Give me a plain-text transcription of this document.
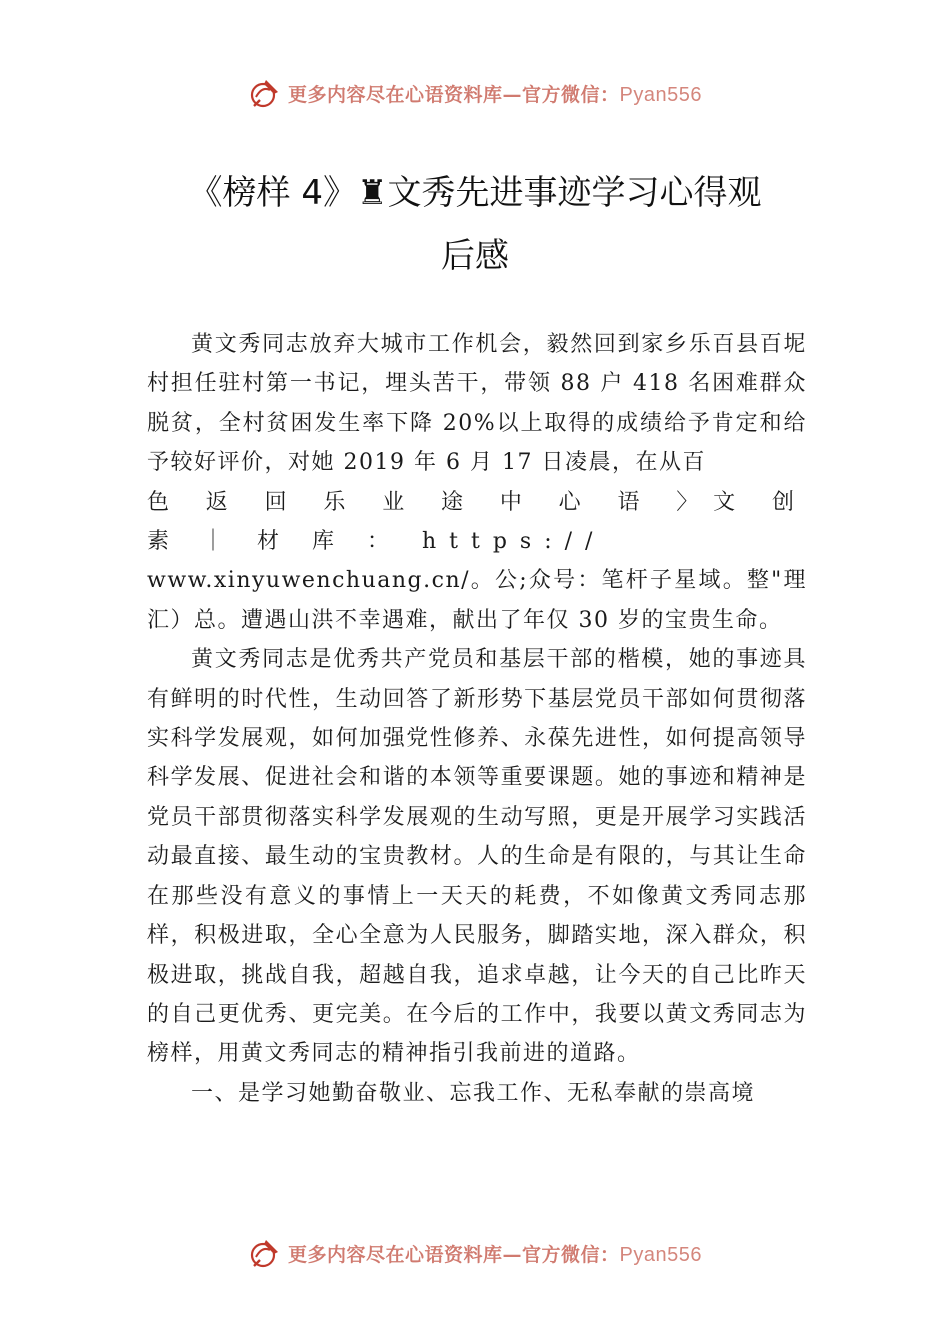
更多内容尽在心语资料库—官方微信：Pyan556
《榜样 4》♜文秀先进事迹学习心得观
后感

黄文秀同志放弃大城市工作机会，毅然回到家乡乐百县百坭村担任驻村第一书记，埋头苦干，带领 88 户 418 名困难群众脱贫，全村贫困发生率下降 20%以上取得的成绩给予肯定和给予较好评价，对她 2019 年 6 月 17 日凌晨，在从百

色 返 回 乐 业 途 中 心 语 〉文 创 素 ｜ 材 库 ： https://

www.xinyuwenchuang.cn/。公;众号：笔杆子星域。整"理汇）总。遭遇山洪不幸遇难，献出了年仅 30 岁的宝贵生命。

黄文秀同志是优秀共产党员和基层干部的楷模，她的事迹具有鲜明的时代性，生动回答了新形势下基层党员干部如何贯彻落实科学发展观，如何加强党性修养、永葆先进性，如何提高领导科学发展、促进社会和谐的本领等重要课题。她的事迹和精神是党员干部贯彻落实科学发展观的生动写照，更是开展学习实践活动最直接、最生动的宝贵教材。人的生命是有限的，与其让生命在那些没有意义的事情上一天天的耗费，不如像黄文秀同志那样，积极进取，全心全意为人民服务，脚踏实地，深入群众，积极进取，挑战自我，超越自我，追求卓越，让今天的自己比昨天的自己更优秀、更完美。在今后的工作中，我要以黄文秀同志为榜样，用黄文秀同志的精神指引我前进的道路。

一、是学习她勤奋敬业、忘我工作、无私奉献的崇高境

更多内容尽在心语资料库—官方微信：Pyan556
